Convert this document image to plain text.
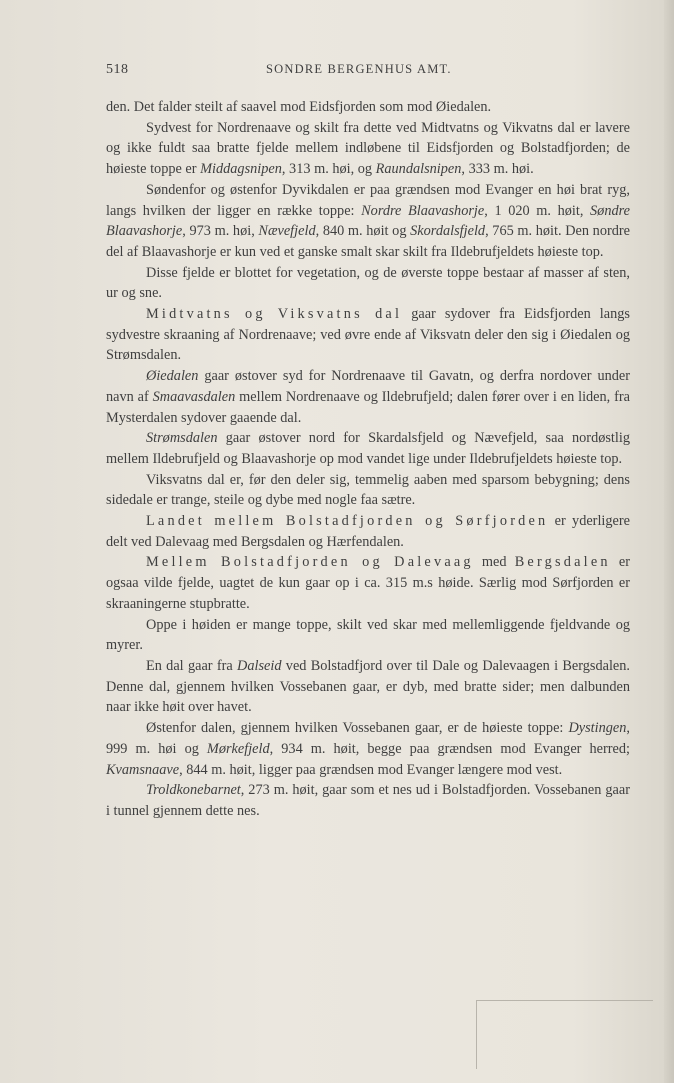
518	SONDRE BERGENHUS AMT.

den. Det falder steilt af saavel mod Eidsfjorden som mod Øiedalen.

Sydvest for Nordrenaave og skilt fra dette ved Midtvatns og Vikvatns dal er lavere og ikke fuldt saa bratte fjelde mellem indløbene til Eidsfjorden og Bolstadfjorden; de høieste toppe er Middagsnipen, 313 m. høi, og Raundalsnipen, 333 m. høi.

Søndenfor og østenfor Dyvikdalen er paa grændsen mod Evanger en høi brat ryg, langs hvilken der ligger en række toppe: Nordre Blaavashorje, 1 020 m. høit, Søndre Blaavashorje, 973 m. høi, Nævefjeld, 840 m. høit og Skordalsfjeld, 765 m. høit. Den nordre del af Blaavashorje er kun ved et ganske smalt skar skilt fra Ildebrufjeldets høieste top.

Disse fjelde er blottet for vegetation, og de øverste toppe bestaar af masser af sten, ur og sne.

Midtvatns og Viksvatns dal gaar sydover fra Eidsfjorden langs sydvestre skraaning af Nordrenaave; ved øvre ende af Viksvatn deler den sig i Øiedalen og Strømsdalen.

Øiedalen gaar østover syd for Nordrenaave til Gavatn, og derfra nordover under navn af Smaavasdalen mellem Nordrenaave og Ildebrufjeld; dalen fører over i en liden, fra Mysterdalen sydover gaaende dal.

Strømsdalen gaar østover nord for Skardalsfjeld og Nævefjeld, saa nordøstlig mellem Ildebrufjeld og Blaavashorje op mod vandet lige under Ildebrufjeldets høieste top.

Viksvatns dal er, før den deler sig, temmelig aaben med sparsom bebygning; dens sidedale er trange, steile og dybe med nogle faa sætre.

Landet mellem Bolstadfjorden og Sørfjorden er yderligere delt ved Dalevaag med Bergsdalen og Hærfendalen.

Mellem Bolstadfjorden og Dalevaag med Bergsdalen er ogsaa vilde fjelde, uagtet de kun gaar op i ca. 315 m.s høide. Særlig mod Sørfjorden er skraaningerne stupbratte.

Oppe i høiden er mange toppe, skilt ved skar med mellemliggende fjeldvande og myrer.

En dal gaar fra Dalseid ved Bolstadfjord over til Dale og Dalevaagen i Bergsdalen. Denne dal, gjennem hvilken Vossebanen gaar, er dyb, med bratte sider; men dalbunden naar ikke høit over havet.

Østenfor dalen, gjennem hvilken Vossebanen gaar, er de høieste toppe: Dystingen, 999 m. høi og Mørkefjeld, 934 m. høit, begge paa grændsen mod Evanger herred; Kvamsnaave, 844 m. høit, ligger paa grændsen mod Evanger længere mod vest.

Troldkonebarnet, 273 m. høit, gaar som et nes ud i Bolstadfjorden. Vossebanen gaar i tunnel gjennem dette nes.
